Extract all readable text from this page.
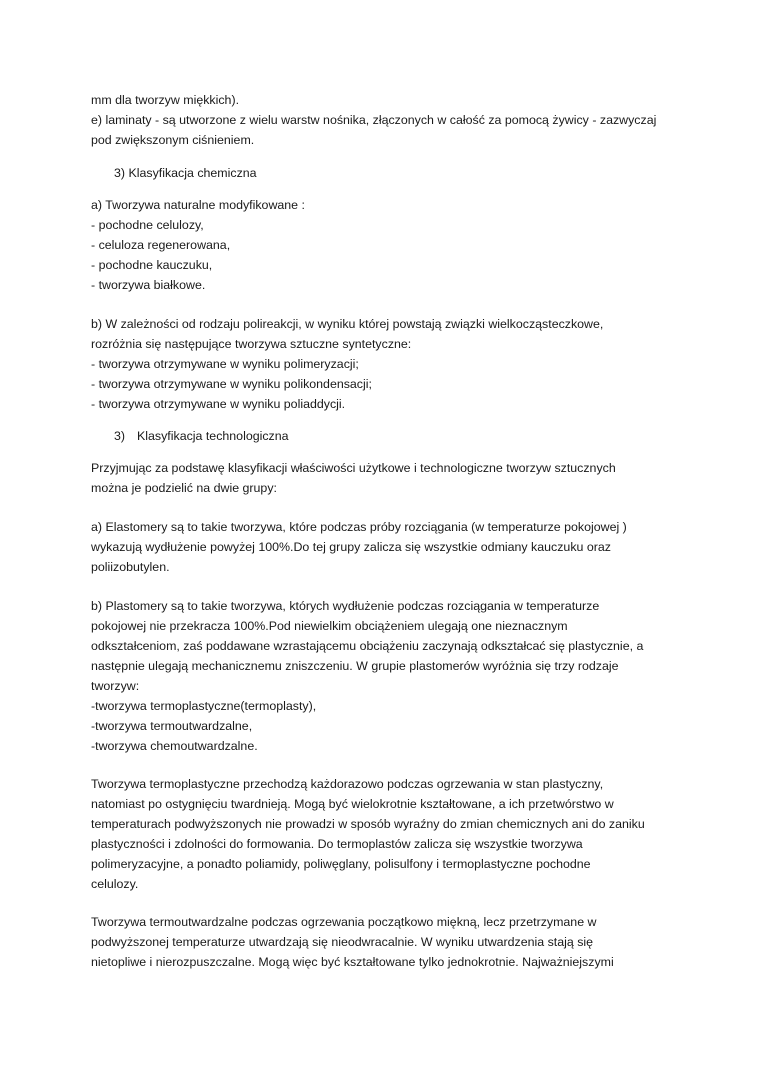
mm dla tworzyw miękkich).
e) laminaty - są utworzone z wielu warstw nośnika, złączonych w całość za pomocą żywicy - zazwyczaj
pod zwiększonym ciśnieniem.
3) Klasyfikacja chemiczna
a) Tworzywa naturalne modyfikowane :
- pochodne celulozy,
- celuloza regenerowana,
- pochodne kauczuku,
- tworzywa białkowe.
b) W zależności od rodzaju polireakcji, w wyniku której powstają związki wielkocząsteczkowe,
rozróżnia się następujące tworzywa sztuczne syntetyczne:
- tworzywa otrzymywane w wyniku polimeryzacji;
- tworzywa otrzymywane w wyniku polikondensacji;
- tworzywa otrzymywane w wyniku poliaddycji.
3) Klasyfikacja technologiczna
Przyjmując za podstawę klasyfikacji właściwości użytkowe i technologiczne tworzyw sztucznych
można je podzielić na dwie grupy:
a) Elastomery są to takie tworzywa, które podczas próby rozciągania (w temperaturze pokojowej )
wykazują wydłużenie powyżej 100%.Do tej grupy zalicza się wszystkie odmiany kauczuku oraz
poliizobutylen.
b) Plastomery są to takie tworzywa, których wydłużenie podczas rozciągania w temperaturze
pokojowej nie przekracza 100%.Pod niewielkim obciążeniem ulegają one nieznacznym
odkształceniom, zaś poddawane wzrastającemu obciążeniu zaczynają odkształcać się plastycznie, a
następnie ulegają mechanicznemu zniszczeniu. W grupie plastomerów wyróżnia się trzy rodzaje
tworzyw:
-tworzywa termoplastyczne(termoplasty),
-tworzywa termoutwardzalne,
-tworzywa chemoutwardzalne.
Tworzywa termoplastyczne przechodzą każdorazowo podczas ogrzewania w stan plastyczny,
natomiast po ostygnięciu twardnieją. Mogą być wielokrotnie kształtowane, a ich przetwórstwo w
temperaturach podwyższonych nie prowadzi w sposób wyraźny do zmian chemicznych ani do zaniku
plastyczności i zdolności do formowania. Do termoplastów zalicza się wszystkie tworzywa
polimeryzacyjne, a ponadto poliamidy, poliwęglany, polisulfony i termoplastyczne pochodne
celulozy.
Tworzywa termoutwardzalne podczas ogrzewania początkowo miękną, lecz przetrzymane w
podwyższonej temperaturze utwardzają się nieodwracalnie. W wyniku utwardzenia stają się
nietopliwe i nierozpuszczalne. Mogą więc być kształtowane tylko jednokrotnie. Najważniejszymi
